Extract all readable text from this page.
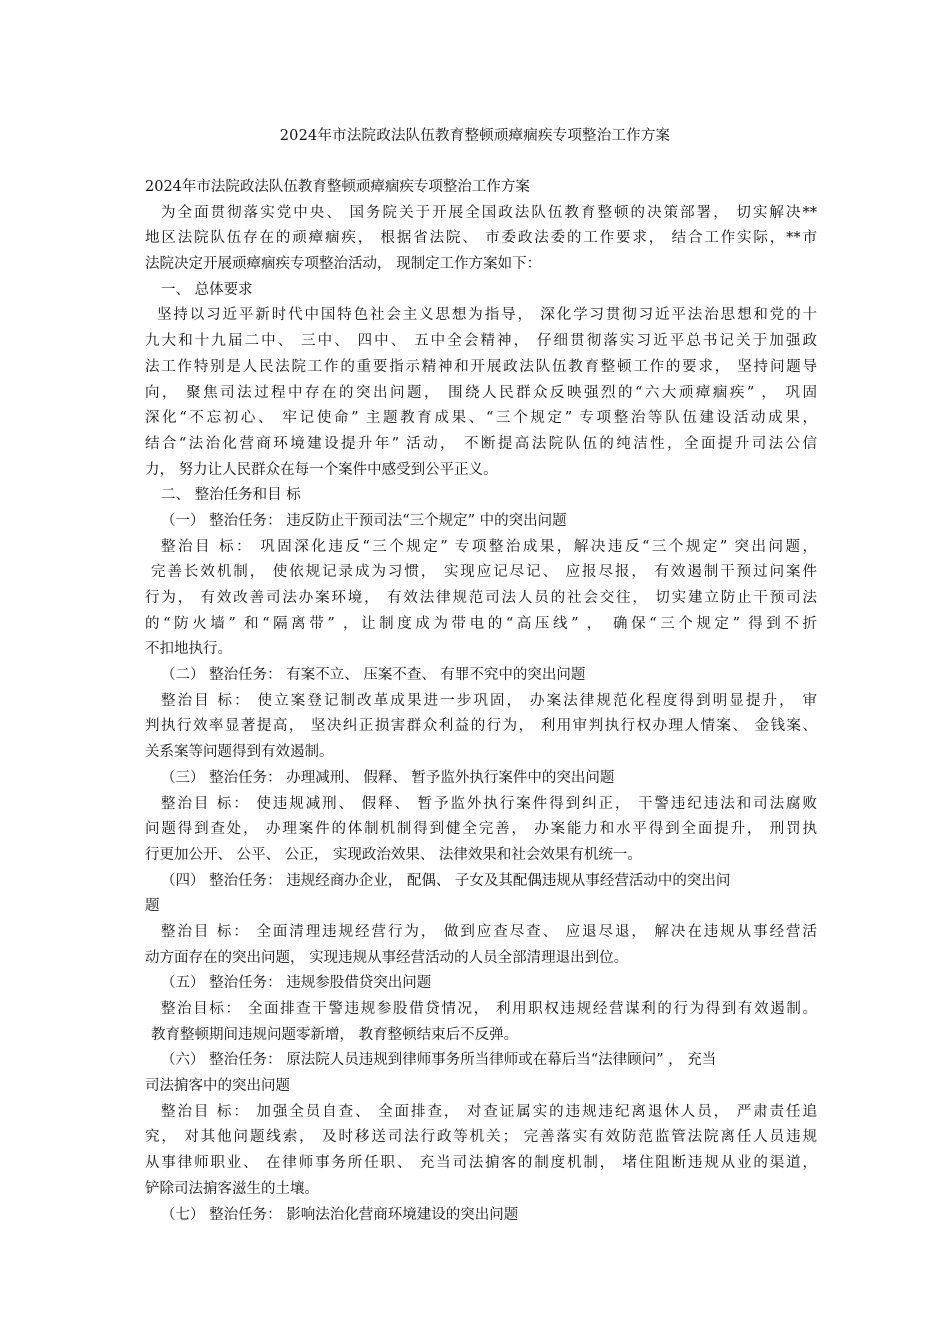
2024年市法院政法队伍教育整顿顽瘴痼疾专项整治工作方案
2024年市法院政法队伍教育整顿顽瘴痼疾专项整治工作方案
为全面贯彻落实党中央、 国务院关于开展全国政法队伍教育整顿的决策部署， 切实解决**
地区法院队伍存在的顽瘴痼疾， 根据省法院、 市委政法委的工作要求， 结合工作实际，**市
法院决定开展顽瘴痼疾专项整治活动， 现制定工作方案如下：
一、 总体要求
坚持以习近平新时代中国特色社会主义思想为指导， 深化学习贯彻习近平法治思想和党的十
九大和十九届二中、 三中、 四中、 五中全会精神， 仔细贯彻落实习近平总书记关于加强政
法工作特别是人民法院工作的重要指示精神和开展政法队伍教育整顿工作的要求， 坚持问题导
向， 聚焦司法过程中存在的突出问题， 围绕人民群众反映强烈的“六大顽瘴痼疾” ， 巩固
深化“不忘初心、 牢记使命” 主题教育成果、“三个规定” 专项整治等队伍建设活动成果，
结合“法治化营商环境建设提升年” 活动， 不断提高法院队伍的纯洁性，全面提升司法公信
力， 努力让人民群众在每一个案件中感受到公平正义。
二、 整治任务和目 标
（一） 整治任务： 违反防止干预司法“三个规定” 中的突出问题
整治目 标： 巩固深化违反“三个规定” 专项整治成果，解决违反“三个规定” 突出问题，
完善长效机制， 使依规记录成为习惯， 实现应记尽记、 应报尽报， 有效遏制干预过问案件
行为， 有效改善司法办案环境， 有效法律规范司法人员的社会交往， 切实建立防止干预司法
的“防火墙” 和“隔离带” ，让制度成为带电的“高压线” ， 确保“三个规定” 得到不折
不扣地执行。
（二） 整治任务： 有案不立、 压案不查、 有罪不究中的突出问题
整治目 标： 使立案登记制改革成果进一步巩固， 办案法律规范化程度得到明显提升， 审
判执行效率显著提高， 坚决纠正损害群众利益的行为， 利用审判执行权办理人情案、 金钱案、
关系案等问题得到有效遏制。
（三） 整治任务： 办理减刑、 假释、 暂予监外执行案件中的突出问题
整治目 标： 使违规减刑、 假释、 暂予监外执行案件得到纠正， 干警违纪违法和司法腐败
问题得到查处， 办理案件的体制机制得到健全完善， 办案能力和水平得到全面提升， 刑罚执
行更加公开、 公平、 公正， 实现政治效果、 法律效果和社会效果有机统一。
（四） 整治任务： 违规经商办企业， 配偶、 子女及其配偶违规从事经营活动中的突出问
题
整治目 标： 全面清理违规经营行为， 做到应查尽查、 应退尽退， 解决在违规从事经营活
动方面存在的突出问题， 实现违规从事经营活动的人员全部清理退出到位。
（五） 整治任务： 违规参股借贷突出问题
整治目标： 全面排查干警违规参股借贷情况， 利用职权违规经营谋利的行为得到有效遏制。
教育整顿期间违规问题零新增， 教育整顿结束后不反弹。
（六） 整治任务： 原法院人员违规到律师事务所当律师或在幕后当“法律顾问” ， 充当
司法掮客中的突出问题
整治目 标： 加强全员自查、 全面排查， 对查证属实的违规违纪离退休人员， 严肃责任追
究， 对其他问题线索， 及时移送司法行政等机关； 完善落实有效防范监管法院离任人员违规
从事律师职业、 在律师事务所任职、 充当司法掮客的制度机制， 堵住阻断违规从业的渠道，
铲除司法掮客滋生的土壤。
（七） 整治任务： 影响法治化营商环境建设的突出问题
